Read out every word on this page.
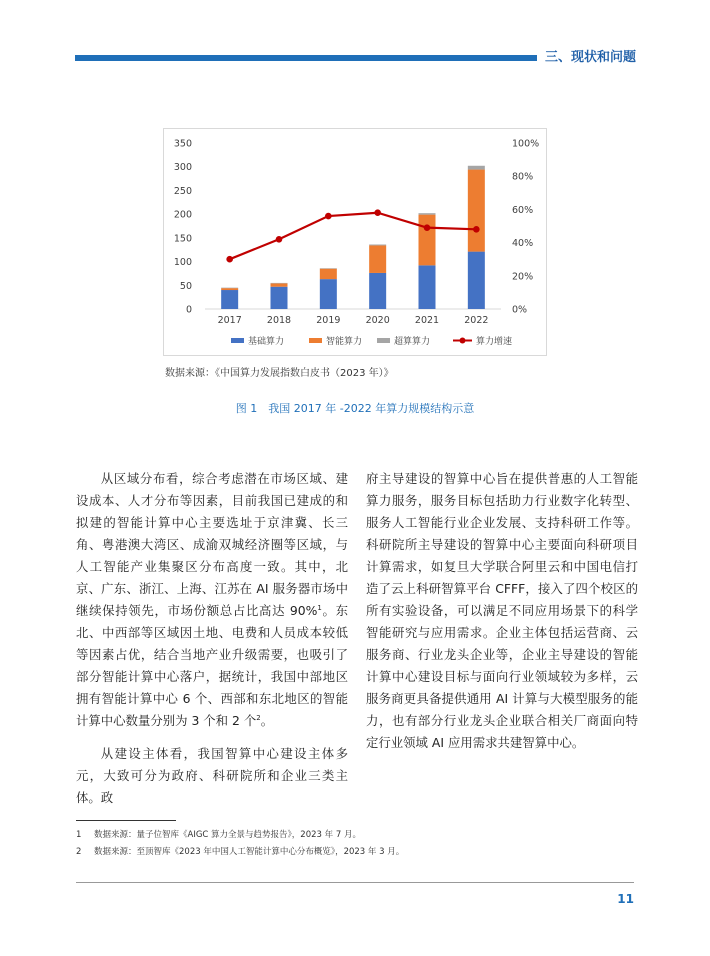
三、现状和问题
0
50
100
150
200
250
300
350
0%
20%
40%
60%
80%
100%
2017	2018	2019	2020	2021	2022
基础算力	智能算力	超算算力	算力增速
数据来源：《中国算力发展指数白皮书（2023 年）》
图 1　我国 2017 年 -2022 年算力规模结构示意

从区域分布看，综合考虑潜在市场区域、建设成本、人才分布等因素，目前我国已建成的和拟建的智能计算中心主要选址于京津冀、长三角、粤港澳大湾区、成渝双城经济圈等区域，与人工智能产业集聚区分布高度一致。其中，北京、广东、浙江、上海、江苏在 AI 服务器市场中继续保持领先，市场份额总占比高达 90%$^1$。东北、中西部等区域因土地、电费和人员成本较低等因素占优，结合当地产业升级需要，也吸引了部分智能计算中心落户，据统计，我国中部地区拥有智能计算中心 6 个、西部和东北地区的智能计算中心数量分别为 3 个和 2 个$^2$。

从建设主体看，我国智算中心建设主体多元，大致可分为政府、科研院所和企业三类主体。政

府主导建设的智算中心旨在提供普惠的人工智能算力服务，服务目标包括助力行业数字化转型、服务人工智能行业企业发展、支持科研工作等。科研院所主导建设的智算中心主要面向科研项目计算需求，如复旦大学联合阿里云和中国电信打造了云上科研智算平台 CFFF，接入了四个校区的所有实验设备，可以满足不同应用场景下的科学智能研究与应用需求。企业主体包括运营商、云服务商、行业龙头企业等，企业主导建设的智能计算中心建设目标与面向行业领域较为多样，云服务商更具备提供通用 AI 计算与大模型服务的能力，也有部分行业龙头企业联合相关厂商面向特定行业领域 AI 应用需求共建智算中心。

1 数据来源：量子位智库《AIGC 算力全景与趋势报告》，2023 年 7 月。
2 数据来源：至顶智库《2023 年中国人工智能计算中心分布概览》，2023 年 3 月。
11
